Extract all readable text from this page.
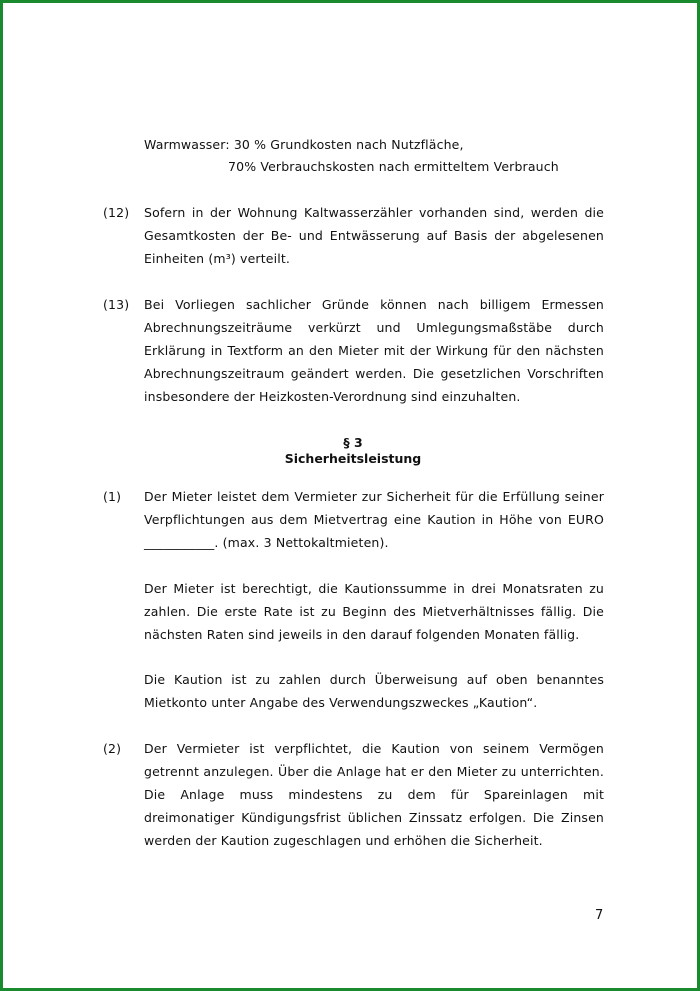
Warmwasser: 30 % Grundkosten nach Nutzfläche,
70% Verbrauchskosten nach ermitteltem Verbrauch
(12) Sofern in der Wohnung Kaltwasserzähler vorhanden sind, werden die Gesamtkosten der Be- und Entwässerung auf Basis der abgelesenen Einheiten (m³) verteilt.
(13) Bei Vorliegen sachlicher Gründe können nach billigem Ermessen Abrechnungszeiträume verkürzt und Umlegungsmaßstäbe durch Erklärung in Textform an den Mieter mit der Wirkung für den nächsten Abrechnungszeitraum geändert werden. Die gesetzlichen Vorschriften insbesondere der Heizkosten-Verordnung sind einzuhalten.
§ 3
Sicherheitsleistung
(1) Der Mieter leistet dem Vermieter zur Sicherheit für die Erfüllung seiner Verpflichtungen aus dem Mietvertrag eine Kaution in Höhe von EURO ___________. (max. 3 Nettokaltmieten).
Der Mieter ist berechtigt, die Kautionssumme in drei Monatsraten zu zahlen. Die erste Rate ist zu Beginn des Mietverhältnisses fällig. Die nächsten Raten sind jeweils in den darauf folgenden Monaten fällig.
Die Kaution ist zu zahlen durch Überweisung auf oben benanntes Mietkonto unter Angabe des Verwendungszweckes „Kaution“.
(2) Der Vermieter ist verpflichtet, die Kaution von seinem Vermögen getrennt anzulegen. Über die Anlage hat er den Mieter zu unterrichten. Die Anlage muss mindestens zu dem für Spareinlagen mit dreimonatiger Kündigungsfrist üblichen Zinssatz erfolgen. Die Zinsen werden der Kaution zugeschlagen und erhöhen die Sicherheit.
7
